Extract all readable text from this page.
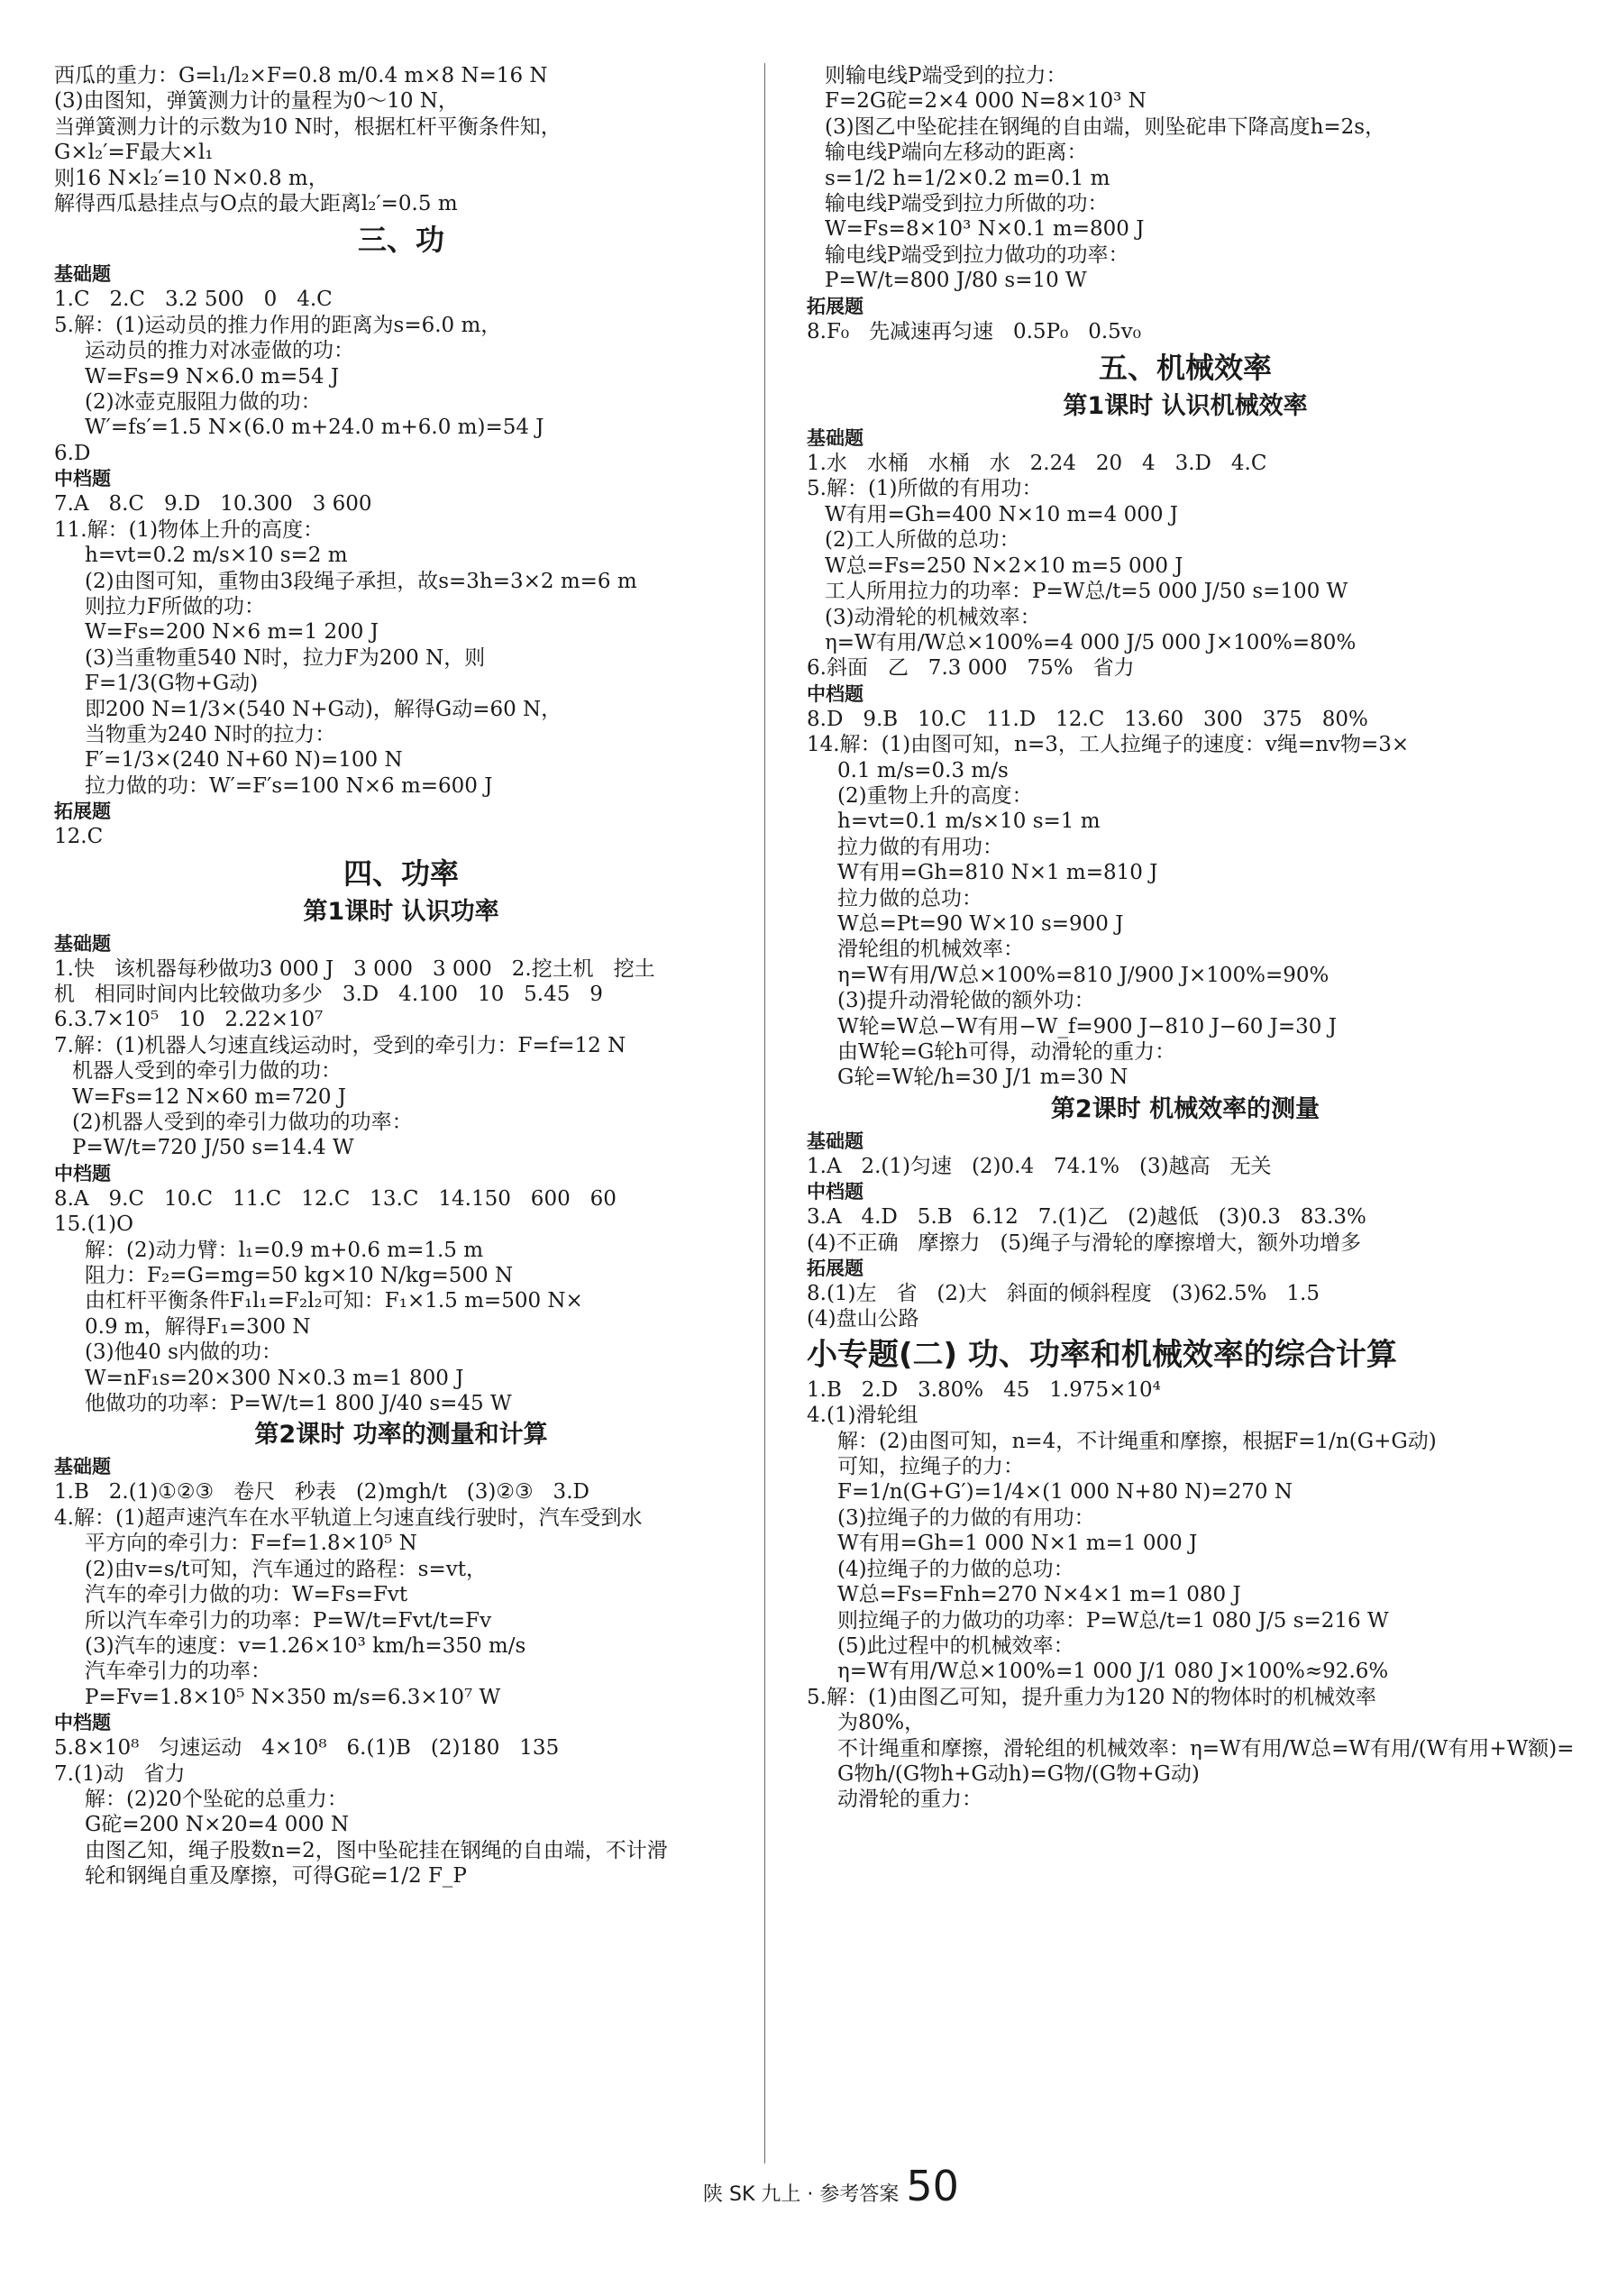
西瓜的重力：G=l₁/l₂×F=0.8 m/0.4 m×8 N=16 N
(3)由图知，弹簧测力计的量程为0～10 N，
当弹簧测力计的示数为10 N时，根据杠杆平衡条件知，
G×l₂′=F最大×l₁
则16 N×l₂′=10 N×0.8 m，
解得西瓜悬挂点与O点的最大距离l₂′=0.5 m
三、功
基础题
1.C   2.C   3.2 500   0   4.C
5.解：(1)运动员的推力作用的距离为s=6.0 m，
运动员的推力对冰壶做的功：
W=Fs=9 N×6.0 m=54 J
(2)冰壶克服阻力做的功：
W′=fs′=1.5 N×(6.0 m+24.0 m+6.0 m)=54 J
6.D
中档题
7.A   8.C   9.D   10.300   3 600
11.解：(1)物体上升的高度：
h=vt=0.2 m/s×10 s=2 m
(2)由图可知，重物由3段绳子承担，故s=3h=3×2 m=6 m
则拉力F所做的功：
W=Fs=200 N×6 m=1 200 J
(3)当重物重540 N时，拉力F为200 N，则
F=1/3(G物+G动)
即200 N=1/3×(540 N+G动)，解得G动=60 N，
当物重为240 N时的拉力：
F′=1/3×(240 N+60 N)=100 N
拉力做的功：W′=F′s=100 N×6 m=600 J
拓展题
12.C
四、功率
第1课时 认识功率
基础题
1.快   该机器每秒做功3 000 J   3 000   3 000   2.挖土机   挖土
机   相同时间内比较做功多少   3.D   4.100   10   5.45   9
6.3.7×10⁵   10   2.22×10⁷
7.解：(1)机器人匀速直线运动时，受到的牵引力：F=f=12 N
机器人受到的牵引力做的功：
W=Fs=12 N×60 m=720 J
(2)机器人受到的牵引力做功的功率：
P=W/t=720 J/50 s=14.4 W
中档题
8.A   9.C   10.C   11.C   12.C   13.C   14.150   600   60
15.(1)O
解：(2)动力臂：l₁=0.9 m+0.6 m=1.5 m
阻力：F₂=G=mg=50 kg×10 N/kg=500 N
由杠杆平衡条件F₁l₁=F₂l₂可知：F₁×1.5 m=500 N×
0.9 m，解得F₁=300 N
(3)他40 s内做的功：
W=nF₁s=20×300 N×0.3 m=1 800 J
他做功的功率：P=W/t=1 800 J/40 s=45 W
第2课时 功率的测量和计算
基础题
1.B   2.(1)①②③   卷尺   秒表   (2)mgh/t   (3)②③   3.D
4.解：(1)超声速汽车在水平轨道上匀速直线行驶时，汽车受到水
平方向的牵引力：F=f=1.8×10⁵ N
(2)由v=s/t可知，汽车通过的路程：s=vt，
汽车的牵引力做的功：W=Fs=Fvt
所以汽车牵引力的功率：P=W/t=Fvt/t=Fv
(3)汽车的速度：v=1.26×10³ km/h=350 m/s
汽车牵引力的功率：
P=Fv=1.8×10⁵ N×350 m/s=6.3×10⁷ W
中档题
5.8×10⁸   匀速运动   4×10⁸   6.(1)B   (2)180   135
7.(1)动   省力
解：(2)20个坠砣的总重力：
G砣=200 N×20=4 000 N
由图乙知，绳子股数n=2，图中坠砣挂在钢绳的自由端，不计滑
轮和钢绳自重及摩擦，可得G砣=1/2 F_P
则输电线P端受到的拉力：
F=2G砣=2×4 000 N=8×10³ N
(3)图乙中坠砣挂在钢绳的自由端，则坠砣串下降高度h=2s，
输电线P端向左移动的距离：
s=1/2 h=1/2×0.2 m=0.1 m
输电线P端受到拉力所做的功：
W=Fs=8×10³ N×0.1 m=800 J
输电线P端受到拉力做功的功率：
P=W/t=800 J/80 s=10 W
拓展题
8.F₀   先减速再匀速   0.5P₀   0.5v₀
五、机械效率
第1课时 认识机械效率
基础题
1.水   水桶   水桶   水   2.24   20   4   3.D   4.C
5.解：(1)所做的有用功：
W有用=Gh=400 N×10 m=4 000 J
(2)工人所做的总功：
W总=Fs=250 N×2×10 m=5 000 J
工人所用拉力的功率：P=W总/t=5 000 J/50 s=100 W
(3)动滑轮的机械效率：
η=W有用/W总×100%=4 000 J/5 000 J×100%=80%
6.斜面   乙   7.3 000   75%   省力
中档题
8.D   9.B   10.C   11.D   12.C   13.60   300   375   80%
14.解：(1)由图可知，n=3，工人拉绳子的速度：v绳=nv物=3×
0.1 m/s=0.3 m/s
(2)重物上升的高度：
h=vt=0.1 m/s×10 s=1 m
拉力做的有用功：
W有用=Gh=810 N×1 m=810 J
拉力做的总功：
W总=Pt=90 W×10 s=900 J
滑轮组的机械效率：
η=W有用/W总×100%=810 J/900 J×100%=90%
(3)提升动滑轮做的额外功：
W轮=W总−W有用−W_f=900 J−810 J−60 J=30 J
由W轮=G轮h可得，动滑轮的重力：
G轮=W轮/h=30 J/1 m=30 N
第2课时 机械效率的测量
基础题
1.A   2.(1)匀速   (2)0.4   74.1%   (3)越高   无关
中档题
3.A   4.D   5.B   6.12   7.(1)乙   (2)越低   (3)0.3   83.3%
(4)不正确   摩擦力   (5)绳子与滑轮的摩擦增大，额外功增多
拓展题
8.(1)左   省   (2)大   斜面的倾斜程度   (3)62.5%   1.5
(4)盘山公路
小专题(二) 功、功率和机械效率的综合计算
1.B   2.D   3.80%   45   1.975×10⁴
4.(1)滑轮组
解：(2)由图可知，n=4，不计绳重和摩擦，根据F=1/n(G+G动)
可知，拉绳子的力：
F=1/n(G+G′)=1/4×(1 000 N+80 N)=270 N
(3)拉绳子的力做的有用功：
W有用=Gh=1 000 N×1 m=1 000 J
(4)拉绳子的力做的总功：
W总=Fs=Fnh=270 N×4×1 m=1 080 J
则拉绳子的力做功的功率：P=W总/t=1 080 J/5 s=216 W
(5)此过程中的机械效率：
η=W有用/W总×100%=1 000 J/1 080 J×100%≈92.6%
5.解：(1)由图乙可知，提升重力为120 N的物体时的机械效率
为80%，
不计绳重和摩擦，滑轮组的机械效率：η=W有用/W总=W有用/(W有用+W额)=
G物h/(G物h+G动h)=G物/(G物+G动)
动滑轮的重力：
陕 SK 九上 · 参考答案 50
